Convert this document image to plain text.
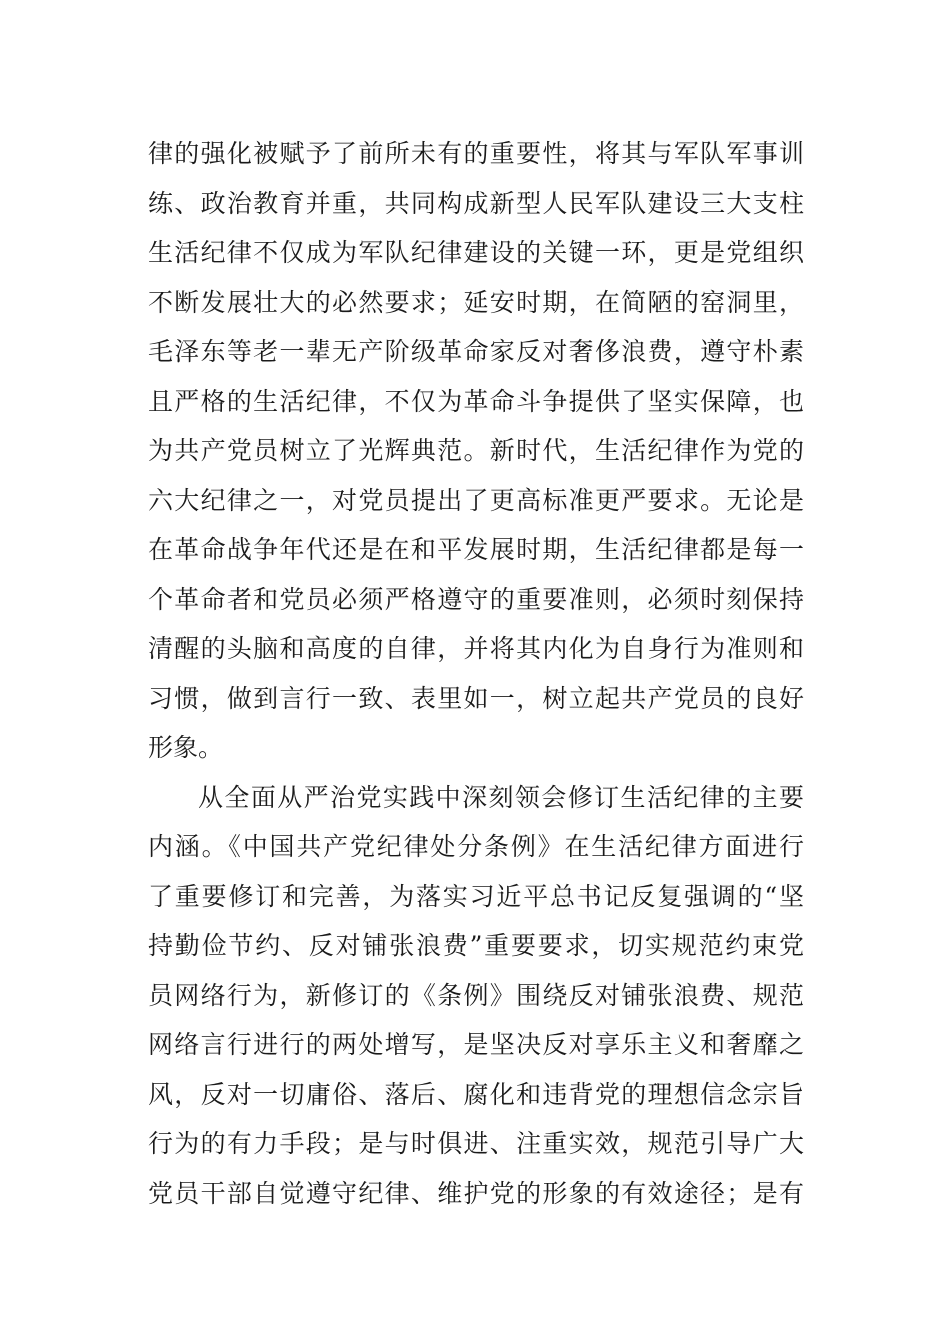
律的强化被赋予了前所未有的重要性，将其与军队军事训
练、政治教育并重，共同构成新型人民军队建设三大支柱
生活纪律不仅成为军队纪律建设的关键一环，更是党组织
不断发展壮大的必然要求；延安时期，在简陋的窑洞里，
毛泽东等老一辈无产阶级革命家反对奢侈浪费，遵守朴素
且严格的生活纪律，不仅为革命斗争提供了坚实保障，也
为共产党员树立了光辉典范。新时代，生活纪律作为党的
六大纪律之一，对党员提出了更高标准更严要求。无论是
在革命战争年代还是在和平发展时期，生活纪律都是每一
个革命者和党员必须严格遵守的重要准则，必须时刻保持
清醒的头脑和高度的自律，并将其内化为自身行为准则和
习惯，做到言行一致、表里如一，树立起共产党员的良好
形象。
从全面从严治党实践中深刻领会修订生活纪律的主要
内涵。《中国共产党纪律处分条例》在生活纪律方面进行
了重要修订和完善，为落实习近平总书记反复强调的“坚
持勤俭节约、反对铺张浪费”重要要求，切实规范约束党
员网络行为，新修订的《条例》围绕反对铺张浪费、规范
网络言行进行的两处增写，是坚决反对享乐主义和奢靡之
风，反对一切庸俗、落后、腐化和违背党的理想信念宗旨
行为的有力手段；是与时俱进、注重实效，规范引导广大
党员干部自觉遵守纪律、维护党的形象的有效途径；是有
